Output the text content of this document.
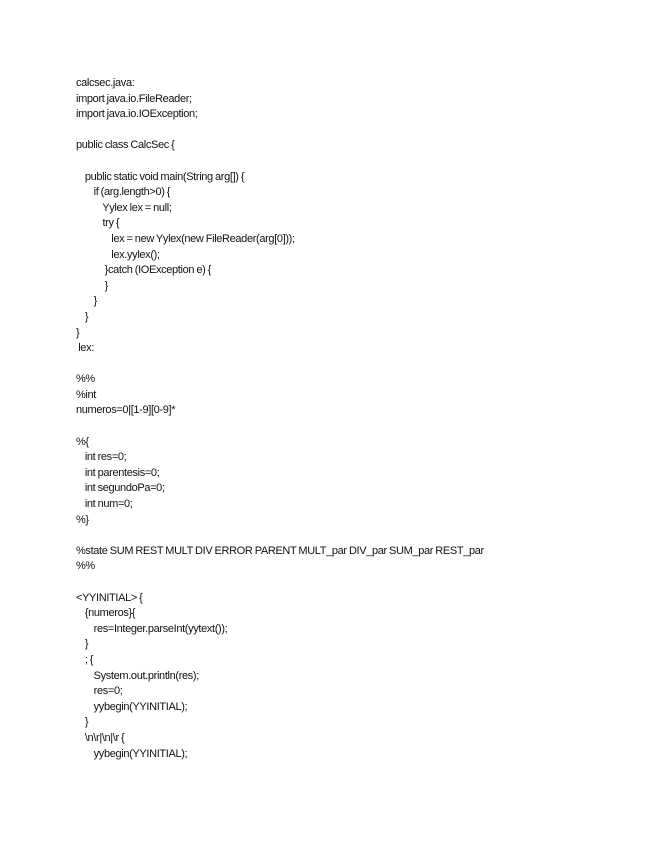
calcsec.java:
import java.io.FileReader;
import java.io.IOException;
public class CalcSec {
public static void main(String arg[]) {
if (arg.length>0) {
Yylex lex = null;
try {
lex = new Yylex(new FileReader(arg[0]));
lex.yylex();
}catch (IOException e) {
}
}
}
}
lex:
%%
%int
numeros=0|[1-9][0-9]*
%{
int res=0;
int parentesis=0;
int segundoPa=0;
int num=0;
%}
%state SUM REST MULT DIV ERROR PARENT MULT_par DIV_par SUM_par REST_par
%%
<YYINITIAL> {
{numeros}{
res=Integer.parseInt(yytext());
}
; {
System.out.println(res);
res=0;
yybegin(YYINITIAL);
}
\n\r|\n|\r {
yybegin(YYINITIAL);
